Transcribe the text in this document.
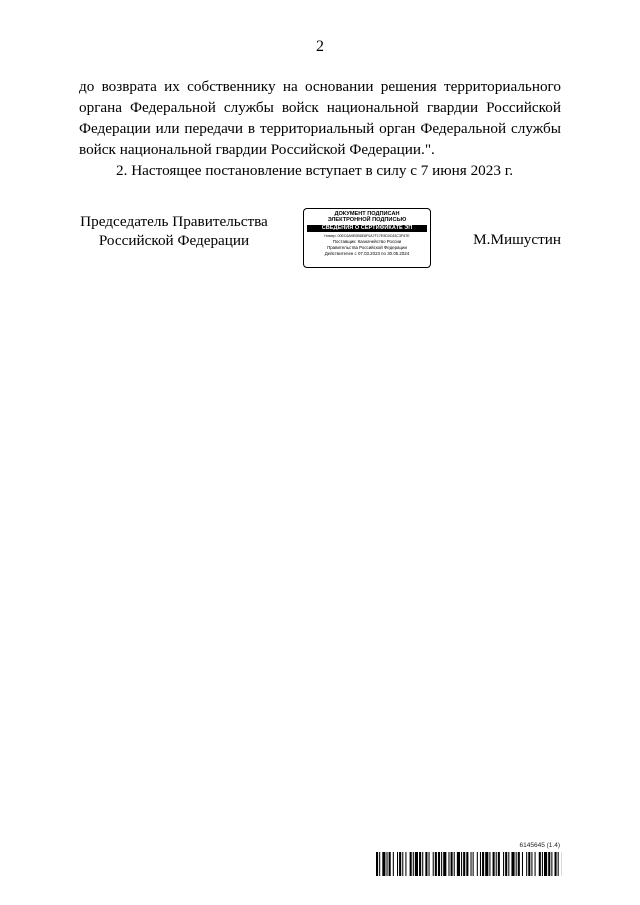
2

до возврата их собственнику на основании решения территориального органа Федеральной службы войск национальной гвардии Российской Федерации или передачи в территориальный орган Федеральной службы войск национальной гвардии Российской Федерации.".

2. Настоящее постановление вступает в силу с 7 июня 2023 г.

Председатель Правительства
Российской Федерации
ДОКУМЕНТ ПОДПИСАН
ЭЛЕКТРОННОЙ ПОДПИСЬЮ
СВЕДЕНИЯ О СЕРТИФИКАТЕ ЭП
Номер: 00EC6A9E0B6E8F0A7F17E9D0C83C3F67E
Поставщик: Казначейство России
Правительства Российской Федерации
Действителен с 07.03.2023 по 30.05.2024
М.Мишустин
6145645 (1.4)
